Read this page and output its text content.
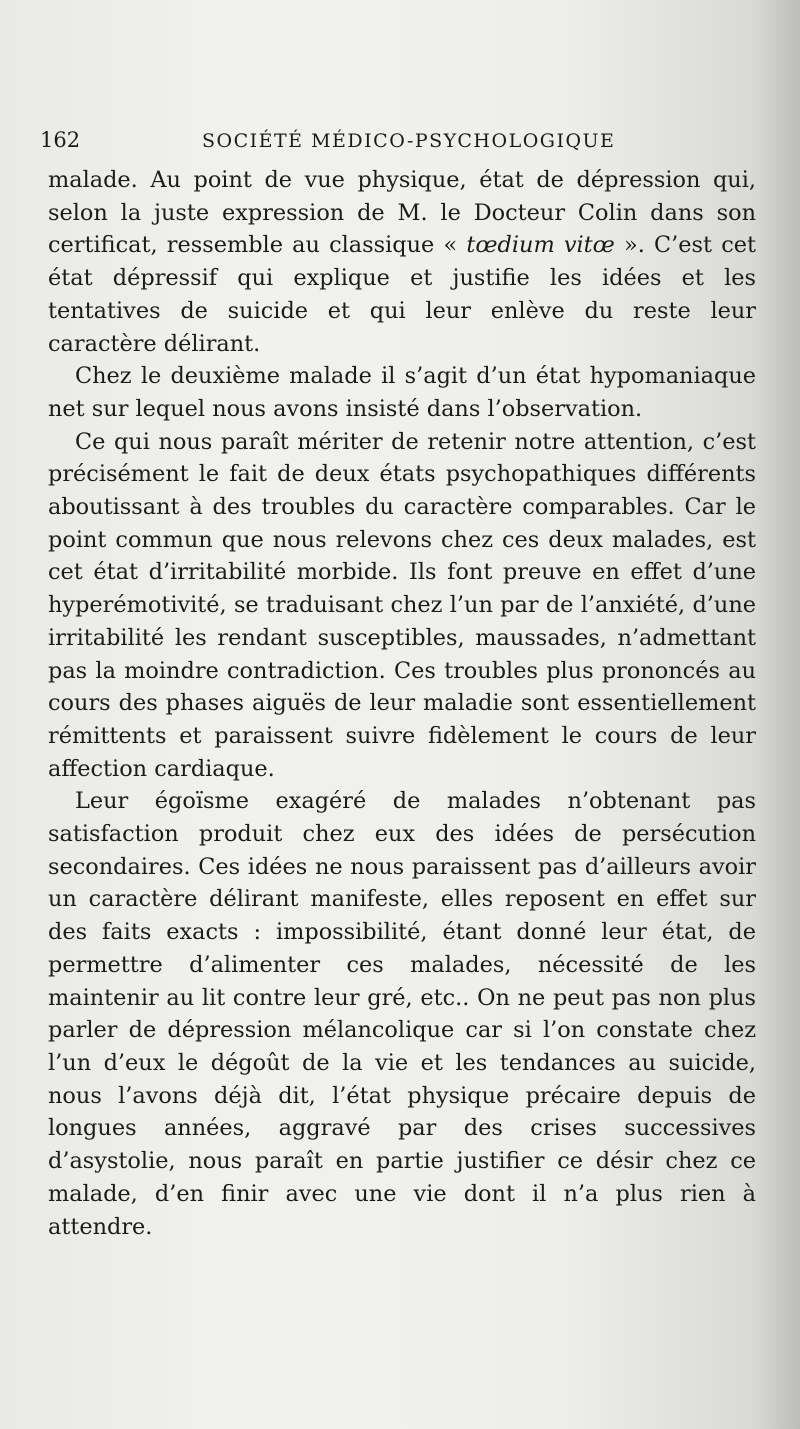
162	SOCIÉTÉ MÉDICO-PSYCHOLOGIQUE

malade. Au point de vue physique, état de dépression qui, selon la juste expression de M. le Docteur Colin dans son certificat, ressemble au classique « tœdium vitœ ». C’est cet état dépressif qui explique et justifie les idées et les tentatives de suicide et qui leur enlève du reste leur caractère délirant.

Chez le deuxième malade il s’agit d’un état hypomaniaque net sur lequel nous avons insisté dans l’observation.

Ce qui nous paraît mériter de retenir notre attention, c’est précisément le fait de deux états psychopathiques différents aboutissant à des troubles du caractère comparables. Car le point commun que nous relevons chez ces deux malades, est cet état d’irritabilité morbide. Ils font preuve en effet d’une hyperémotivité, se traduisant chez l’un par de l’anxiété, d’une irritabilité les rendant susceptibles, maussades, n’admettant pas la moindre contradiction. Ces troubles plus prononcés au cours des phases aiguës de leur maladie sont essentiellement rémittents et paraissent suivre fidèlement le cours de leur affection cardiaque.

Leur égoïsme exagéré de malades n’obtenant pas satisfaction produit chez eux des idées de persécution secondaires. Ces idées ne nous paraissent pas d’ailleurs avoir un caractère délirant manifeste, elles reposent en effet sur des faits exacts : impossibilité, étant donné leur état, de permettre d’alimenter ces malades, nécessité de les maintenir au lit contre leur gré, etc.. On ne peut pas non plus parler de dépression mélancolique car si l’on constate chez l’un d’eux le dégoût de la vie et les tendances au suicide, nous l’avons déjà dit, l’état physique précaire depuis de longues années, aggravé par des crises successives d’asystolie, nous paraît en partie justifier ce désir chez ce malade, d’en finir avec une vie dont il n’a plus rien à attendre.
